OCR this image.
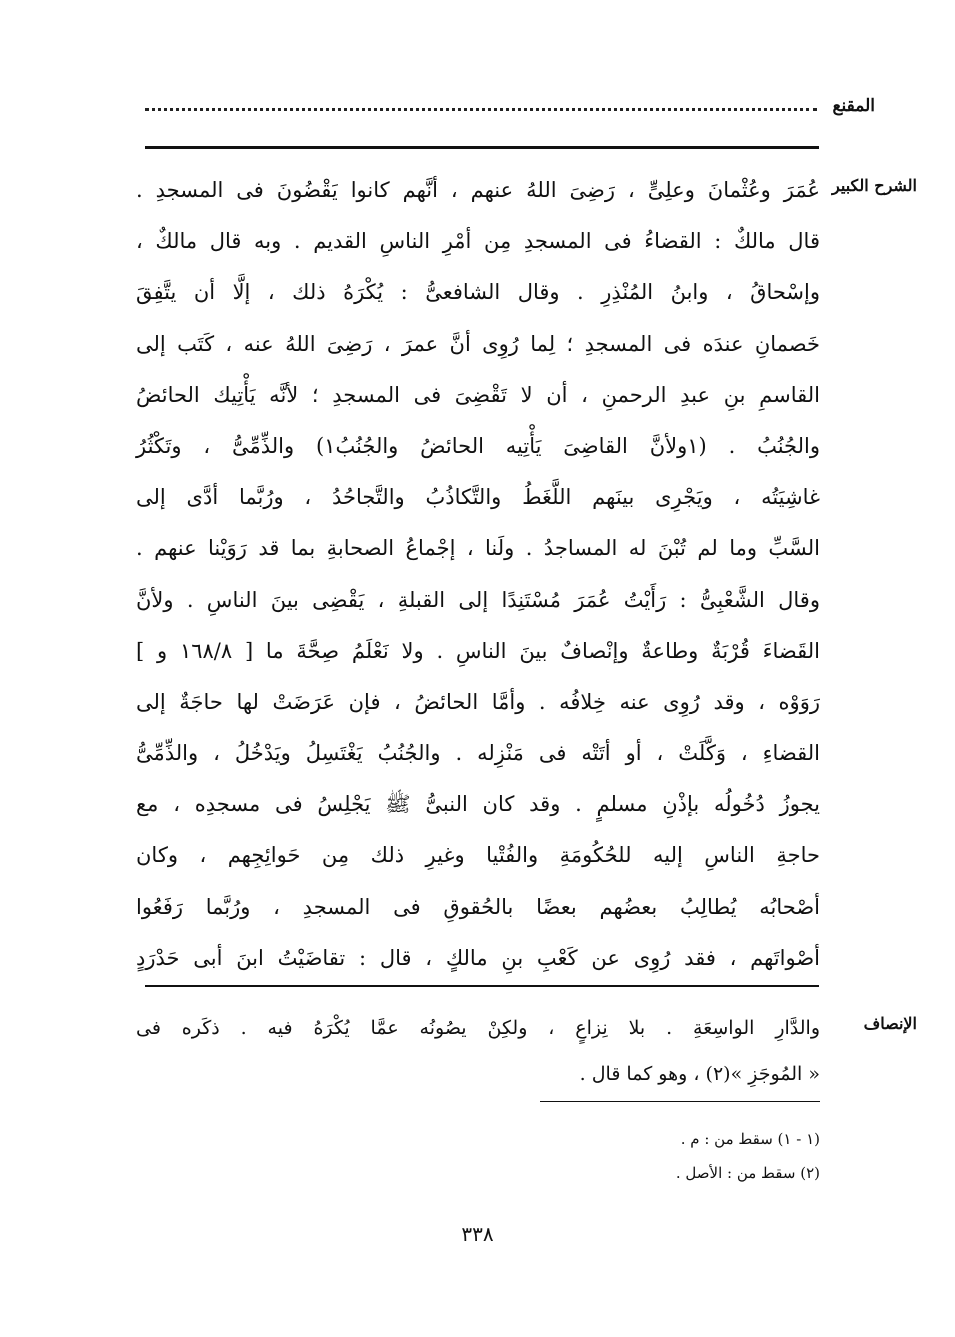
المقنع
الشرح الكبير
عُمَرَ وعُثْمانَ وعلِىٍّ ، رَضِىَ اللهُ عنهم ، أنَّهم كانوا يَقْضُونَ فى المسجدِ .
قال مالكٌ : القضاءُ فى المسجدِ مِن أمْرِ الناسِ القديم . وبه قال مالكٌ ،
وإسْحاقُ ، وابنُ المُنْذِرِ . وقال الشافعىُّ : يُكْرَهُ ذلك ، إلَّا أن يتَّفِقَ
خَصمانِ عندَه فى المسجدِ ؛ لِما رُوِى أنَّ عمرَ ، رَضِىَ اللهُ عنه ، كَتَب إلى
القاسمِ بنِ عبدِ الرحمنِ ، أن لا تَقْضِىَ فى المسجدِ ؛ لأنَّه يَأْتِيك الحائضُ
والجُنُبُ . (١ولأنَّ القاضِىَ يَأْتِيه الحائضُ والجُنُبُ١) والذِّمِّىُّ ، وتَكْثُرُ
غاشِيَتُه ، ويَجْرِى بينَهم اللَّغَطُ والتَّكاذُبُ والتَّجاحُدُ ، ورُبَّما أدَّى إلى
السَّبِّ وما لم تُبْنَ له المساجدُ . ولَنا ، إجْماعُ الصحابةِ بما قد رَوَيْنا عنهم .
وقال الشَّعْبِىُّ : رَأَيْتُ عُمَرَ مُسْتَنِدًا إلى القبلةِ ، يَقْضِى بينَ الناسِ . ولأنَّ
القَضاءَ قُرْبَةٌ وطاعةٌ وإنْصافٌ بينَ الناسِ . ولا نَعْلَمُ صِحَّةَ ما [ ١٦٨/٨ و ]
رَوَوْه ، وقد رُوِى عنه خِلافُه . وأمَّا الحائضُ ، فإن عَرَضَتْ لها حاجَةٌ إلى
القضاءِ ، وَكَّلَتْ ، أو أتَتْه فى مَنْزِله . والجُنُبُ يَغْتَسِلُ ويَدْخُلُ ، والذِّمِّىُّ
يجوزُ دُخُولُه بإذْنِ مسلمٍ . وقد كان النبىُّ ﷺ يَجْلِسُ فى مسجدِه ، مع
حاجةِ الناسِ إليه للحُكُومَةِ والفُتْيا وغيرِ ذلك مِن حَوائِجِهم ، وكان
أصْحابُه يُطالِبُ بعضُهم بعضًا بالحُقوقِ فى المسجدِ ، ورُبَّما رَفَعُوا
أصْواتَهم ، فقد رُوِى عن كَعْبِ بنِ مالكٍ ، قال : تقاضَيْتُ ابنَ أبى حَدْرَدٍ
الإنصاف
والدَّارِ الواسِعَةِ . بلا نِزاعٍ ، ولكِنْ يصُونُه عمَّا يُكْرَهُ فيه . ذكَره فى
« المُوجَزِ »(٢) ، وهو كما قال .
(١ - ١) سقط من : م .
(٢) سقط من : الأصل .
٣٣٨
